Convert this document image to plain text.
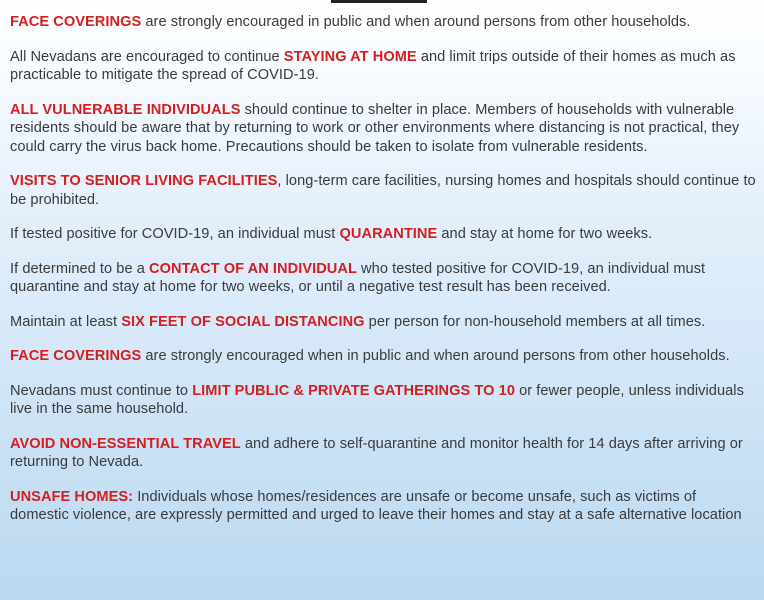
FACE COVERINGS are strongly encouraged in public and when around persons from other households.

All Nevadans are encouraged to continue STAYING AT HOME and limit trips outside of their homes as much as practicable to mitigate the spread of COVID-19.

ALL VULNERABLE INDIVIDUALS should continue to shelter in place. Members of households with vulnerable residents should be aware that by returning to work or other environments where distancing is not practical, they could carry the virus back home. Precautions should be taken to isolate from vulnerable residents.

VISITS TO SENIOR LIVING FACILITIES, long-term care facilities, nursing homes and hospitals should continue to be prohibited.

If tested positive for COVID-19, an individual must QUARANTINE and stay at home for two weeks.

If determined to be a CONTACT OF AN INDIVIDUAL who tested positive for COVID-19, an individual must quarantine and stay at home for two weeks, or until a negative test result has been received.

Maintain at least SIX FEET OF SOCIAL DISTANCING per person for non-household members at all times.

FACE COVERINGS are strongly encouraged when in public and when around persons from other households.

Nevadans must continue to LIMIT PUBLIC & PRIVATE GATHERINGS TO 10 or fewer people, unless individuals live in the same household.

AVOID NON-ESSENTIAL TRAVEL and adhere to self-quarantine and monitor health for 14 days after arriving or returning to Nevada.

UNSAFE HOMES: Individuals whose homes/residences are unsafe or become unsafe, such as victims of domestic violence, are expressly permitted and urged to leave their homes and stay at a safe alternative location
